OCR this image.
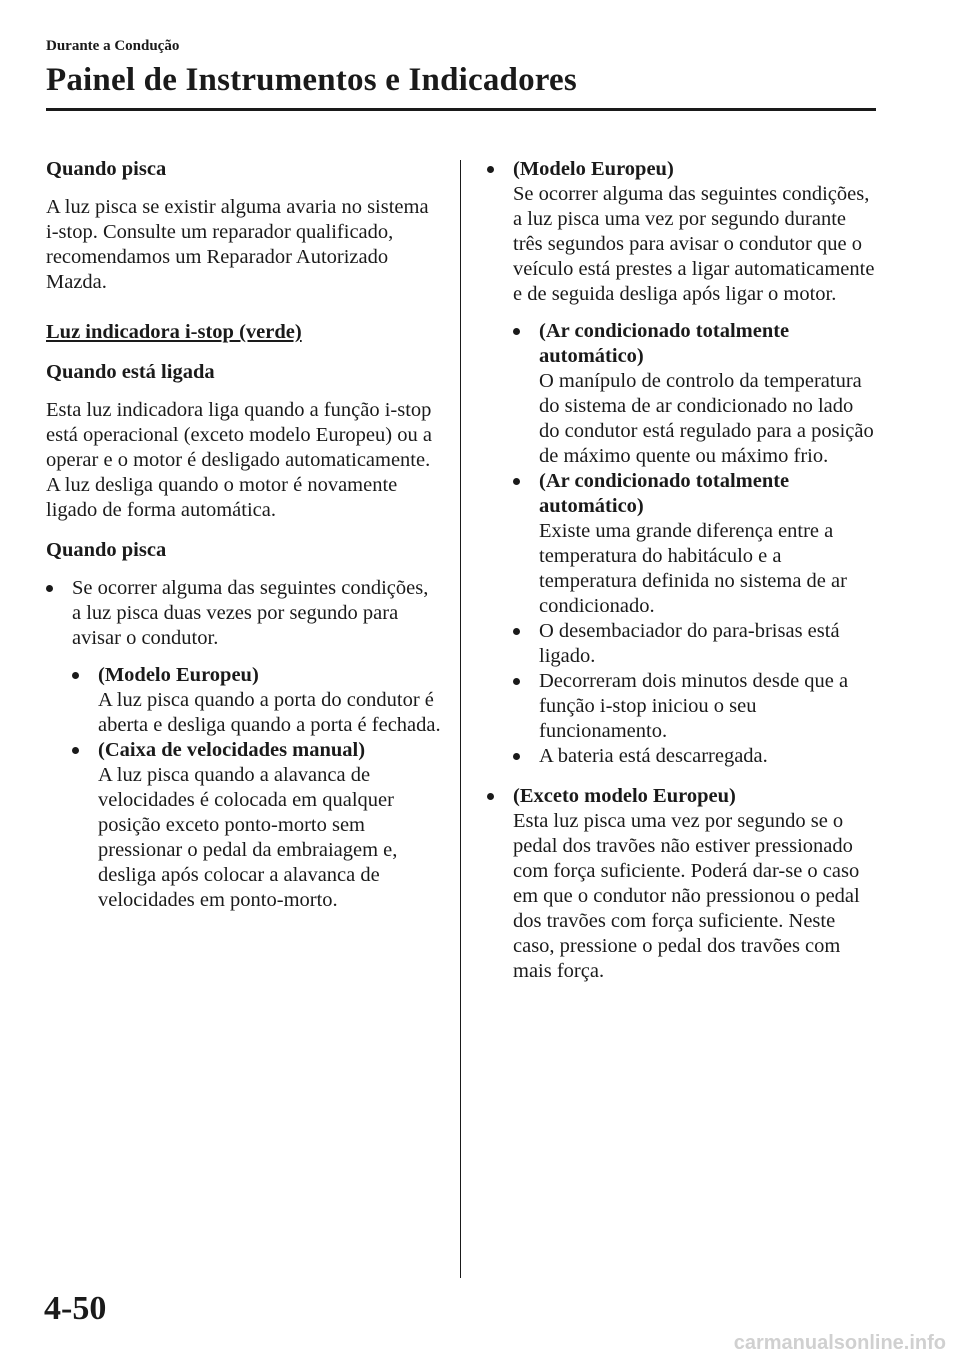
Durante a Condução
Painel de Instrumentos e Indicadores

Quando pisca

A luz pisca se existir alguma avaria no sistema i-stop. Consulte um reparador qualificado, recomendamos um Reparador Autorizado Mazda.

Luz indicadora i-stop (verde)

Quando está ligada

Esta luz indicadora liga quando a função i-stop está operacional (exceto modelo Europeu) ou a operar e o motor é desligado automaticamente. A luz desliga quando o motor é novamente ligado de forma automática.

Quando pisca

Se ocorrer alguma das seguintes condições, a luz pisca duas vezes por segundo para avisar o condutor.
(Modelo Europeu)
A luz pisca quando a porta do condutor é aberta e desliga quando a porta é fechada.
(Caixa de velocidades manual)
A luz pisca quando a alavanca de velocidades é colocada em qualquer posição exceto ponto-morto sem pressionar o pedal da embraiagem e, desliga após colocar a alavanca de velocidades em ponto-morto.
(Modelo Europeu)
Se ocorrer alguma das seguintes condições, a luz pisca uma vez por segundo durante três segundos para avisar o condutor que o veículo está prestes a ligar automaticamente e de seguida desliga após ligar o motor.
(Ar condicionado totalmente automático)
O manípulo de controlo da temperatura do sistema de ar condicionado no lado do condutor está regulado para a posição de máximo quente ou máximo frio.
(Ar condicionado totalmente automático)
Existe uma grande diferença entre a temperatura do habitáculo e a temperatura definida no sistema de ar condicionado.
O desembaciador do para-brisas está ligado.
Decorreram dois minutos desde que a função i-stop iniciou o seu funcionamento.
A bateria está descarregada.
(Exceto modelo Europeu)
Esta luz pisca uma vez por segundo se o pedal dos travões não estiver pressionado com força suficiente. Poderá dar-se o caso em que o condutor não pressionou o pedal dos travões com força suficiente. Neste caso, pressione o pedal dos travões com mais força.
4-50
carmanualsonline.info
